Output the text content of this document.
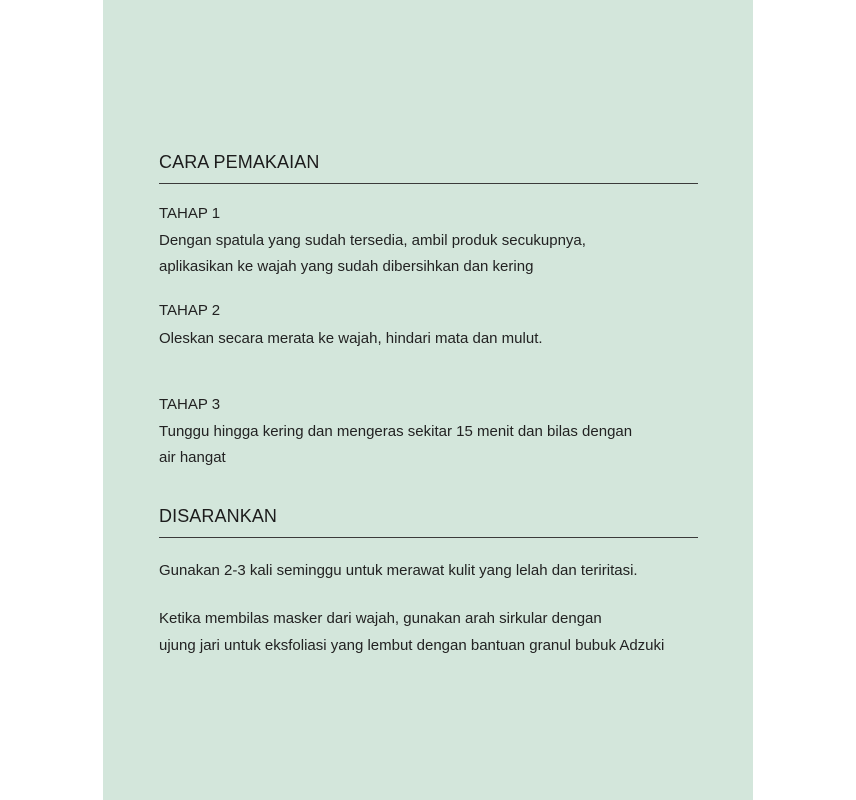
CARA PEMAKAIAN
TAHAP 1
Dengan spatula yang sudah tersedia, ambil produk secukupnya,
aplikasikan ke wajah yang sudah dibersihkan dan kering
TAHAP 2
Oleskan secara merata ke wajah, hindari mata dan mulut.
TAHAP 3
Tunggu hingga kering dan mengeras sekitar 15 menit dan bilas dengan
air hangat
DISARANKAN
Gunakan 2-3 kali seminggu untuk merawat kulit yang lelah dan teriritasi.
Ketika membilas masker dari wajah, gunakan arah sirkular dengan
ujung jari untuk eksfoliasi yang lembut dengan bantuan granul bubuk Adzuki
